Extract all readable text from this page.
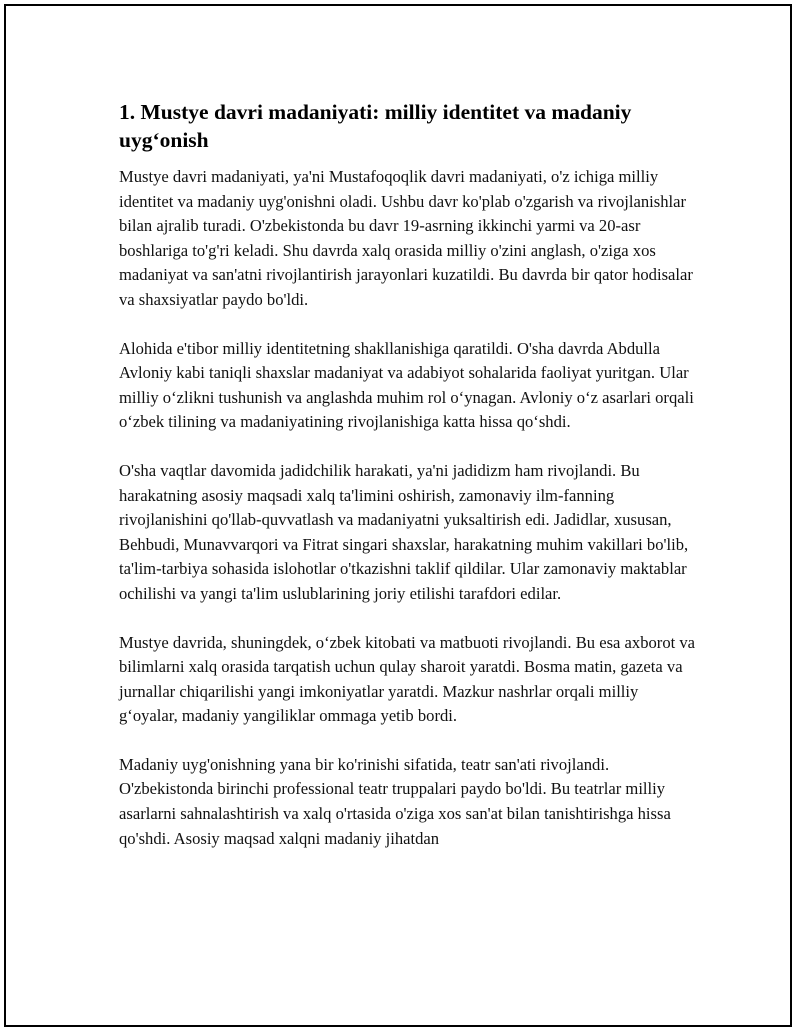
1. Mustye davri madaniyati: milliy identitet va madaniy uyg‘onish

Mustye davri madaniyati, ya'ni Mustafoqoqlik davri madaniyati, o'z ichiga milliy identitet va madaniy uyg'onishni oladi. Ushbu davr ko'plab o'zgarish va rivojlanishlar bilan ajralib turadi. O'zbekistonda bu davr 19-asrning ikkinchi yarmi va 20-asr boshlariga to'g'ri keladi. Shu davrda xalq orasida milliy o'zini anglash, o'ziga xos madaniyat va san'atni rivojlantirish jarayonlari kuzatildi. Bu davrda bir qator hodisalar va shaxsiyatlar paydo bo'ldi.

Alohida e'tibor milliy identitetning shakllanishiga qaratildi. O'sha davrda Abdulla Avloniy kabi taniqli shaxslar madaniyat va adabiyot sohalarida faoliyat yuritgan. Ular milliy o‘zlikni tushunish va anglashda muhim rol o‘ynagan. Avloniy o‘z asarlari orqali o‘zbek tilining va madaniyatining rivojlanishiga katta hissa qo‘shdi.

O'sha vaqtlar davomida jadidchilik harakati, ya'ni jadidizm ham rivojlandi. Bu harakatning asosiy maqsadi xalq ta'limini oshirish, zamonaviy ilm-fanning rivojlanishini qo'llab-quvvatlash va madaniyatni yuksaltirish edi. Jadidlar, xususan, Behbudi, Munavvarqori va Fitrat singari shaxslar, harakatning muhim vakillari bo'lib, ta'lim-tarbiya sohasida islohotlar o'tkazishni taklif qildilar. Ular zamonaviy maktablar ochilishi va yangi ta'lim uslublarining joriy etilishi tarafdori edilar.

Mustye davrida, shuningdek, o‘zbek kitobati va matbuoti rivojlandi. Bu esa axborot va bilimlarni xalq orasida tarqatish uchun qulay sharoit yaratdi. Bosma matin, gazeta va jurnallar chiqarilishi yangi imkoniyatlar yaratdi. Mazkur nashrlar orqali milliy g‘oyalar, madaniy yangiliklar ommaga yetib bordi.

Madaniy uyg'onishning yana bir ko'rinishi sifatida, teatr san'ati rivojlandi. O'zbekistonda birinchi professional teatr truppalari paydo bo'ldi. Bu teatrlar milliy asarlarni sahnalashtirish va xalq o'rtasida o'ziga xos san'at bilan tanishtirishga hissa qo'shdi. Asosiy maqsad xalqni madaniy jihatdan
